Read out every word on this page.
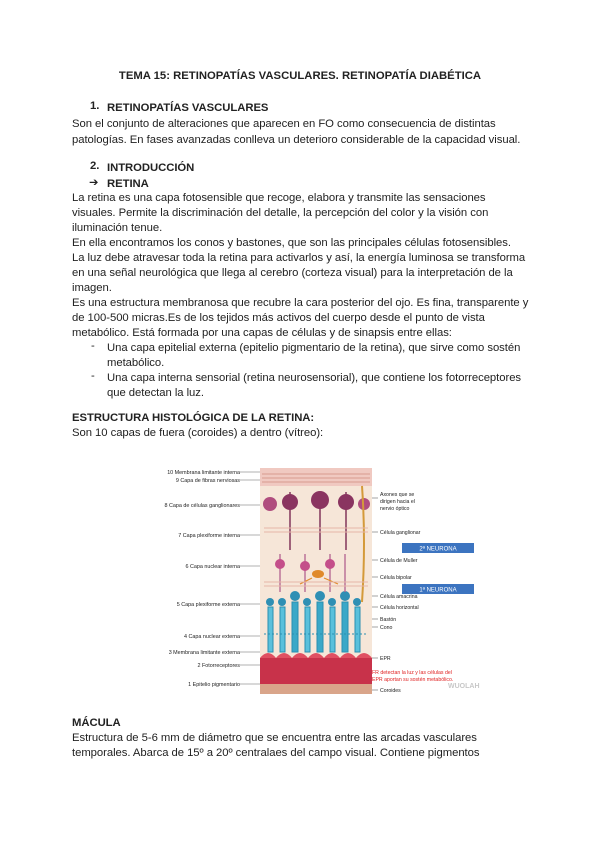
TEMA 15: RETINOPATÍAS VASCULARES. RETINOPATÍA DIABÉTICA
1. RETINOPATÍAS VASCULARES
Son el conjunto de alteraciones que aparecen en FO como consecuencia de distintas
patologías. En fases avanzadas conlleva un deterioro considerable de la capacidad visual.
2. INTRODUCCIÓN
➔ RETINA
La retina es una capa fotosensible que recoge, elabora y transmite las sensaciones
visuales. Permite la discriminación del detalle, la percepción del color y la visión con
iluminación tenue.
En ella encontramos los conos y bastones, que son las principales células fotosensibles.
La luz debe atravesar toda la retina para activarlos y así, la energía luminosa se transforma
en una señal neurológica que llega al cerebro (corteza visual) para la interpretación de la
imagen.
Es una estructura membranosa que recubre la cara posterior del ojo. Es fina, transparente y
de 100-500 micras.Es de los tejidos más activos del cuerpo desde el punto de vista
metabólico. Está formada por una capas de células y de sinapsis entre ellas:
- Una capa epitelial externa (epitelio pigmentario de la retina), que sirve como sostén
metabólico.
- Una capa interna sensorial (retina neurosensorial), que contiene los fotorreceptores
que detectan la luz.
ESTRUCTURA HISTOLÓGICA DE LA RETINA:
Son 10 capas de fuera (coroides) a dentro (vítreo):
10 Membrana limitante interna
9 Capa de fibras nerviosas
8 Capa de células ganglionares
7 Capa plexiforme interna
6 Capa nuclear interna
5 Capa plexiforme externa
4 Capa nuclear externa
3 Membrana limitante externa
2 Fotorreceptores
1 Epitelio pigmentario
Axones que se
dirigen hacia el
nervio óptico
Célula ganglionar
Célula de Muller
Célula bipolar
Célula amacrina
Célula horizontal
Bastón
Cono
EPR
Coroides
2ª NEURONA
1ª NEURONA
FR detectan la luz y las células del
EPR aportan su sostén metabólico.
WUOLAH
MÁCULA
Estructura de 5-6 mm de diámetro que se encuentra entre las arcadas vasculares
temporales. Abarca de 15º a 20º centralaes del campo visual. Contiene pigmentos
